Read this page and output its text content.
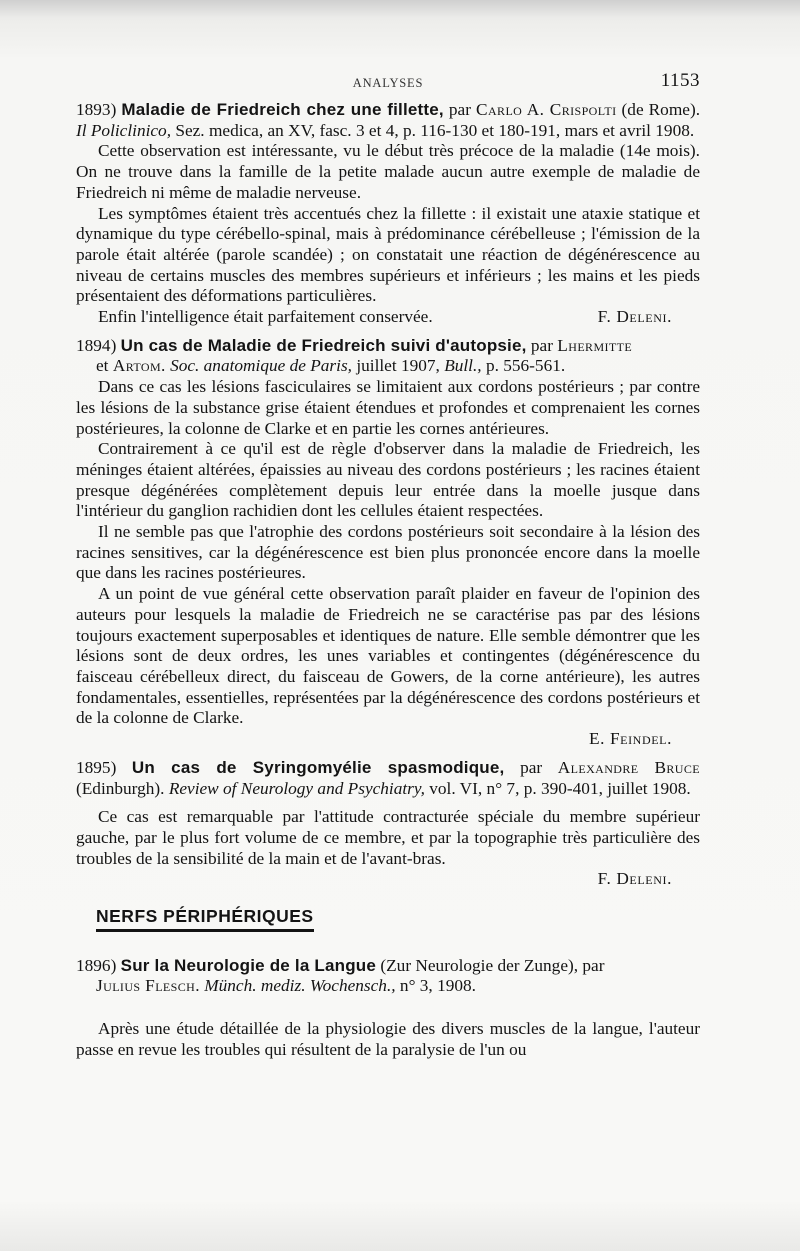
ANALYSES	1153

1893) Maladie de Friedreich chez une fillette, par Carlo A. Crispolti (de Rome). Il Policlinico, Sez. medica, an XV, fasc. 3 et 4, p. 116-130 et 180-191, mars et avril 1908.

Cette observation est intéressante, vu le début très précoce de la maladie (14e mois). On ne trouve dans la famille de la petite malade aucun autre exemple de maladie de Friedreich ni même de maladie nerveuse.

Les symptômes étaient très accentués chez la fillette : il existait une ataxie statique et dynamique du type cérébello-spinal, mais à prédominance cérébelleuse ; l'émission de la parole était altérée (parole scandée) ; on constatait une réaction de dégénérescence au niveau de certains muscles des membres supérieurs et inférieurs ; les mains et les pieds présentaient des déformations particulières.

Enfin l'intelligence était parfaitement conservée.	F. Deleni.

1894) Un cas de Maladie de Friedreich suivi d'autopsie, par Lhermitte

et Artom. Soc. anatomique de Paris, juillet 1907, Bull., p. 556-561.

Dans ce cas les lésions fasciculaires se limitaient aux cordons postérieurs ; par contre les lésions de la substance grise étaient étendues et profondes et comprenaient les cornes postérieures, la colonne de Clarke et en partie les cornes antérieures.

Contrairement à ce qu'il est de règle d'observer dans la maladie de Friedreich, les méninges étaient altérées, épaissies au niveau des cordons postérieurs ; les racines étaient presque dégénérées complètement depuis leur entrée dans la moelle jusque dans l'intérieur du ganglion rachidien dont les cellules étaient respectées.

Il ne semble pas que l'atrophie des cordons postérieurs soit secondaire à la lésion des racines sensitives, car la dégénérescence est bien plus prononcée encore dans la moelle que dans les racines postérieures.

A un point de vue général cette observation paraît plaider en faveur de l'opinion des auteurs pour lesquels la maladie de Friedreich ne se caractérise pas par des lésions toujours exactement superposables et identiques de nature. Elle semble démontrer que les lésions sont de deux ordres, les unes variables et contingentes (dégénérescence du faisceau cérébelleux direct, du faisceau de Gowers, de la corne antérieure), les autres fondamentales, essentielles, représentées par la dégénérescence des cordons postérieurs et de la colonne de Clarke.

E. Feindel.

1895) Un cas de Syringomyélie spasmodique, par Alexandre Bruce (Edinburgh). Review of Neurology and Psychiatry, vol. VI, n° 7, p. 390-401, juillet 1908.

Ce cas est remarquable par l'attitude contracturée spéciale du membre supérieur gauche, par le plus fort volume de ce membre, et par la topographie très particulière des troubles de la sensibilité de la main et de l'avant-bras.

F. Deleni.

NERFS PÉRIPHÉRIQUES

1896) Sur la Neurologie de la Langue (Zur Neurologie der Zunge), par

Julius Flesch. Münch. mediz. Wochensch., n° 3, 1908.

Après une étude détaillée de la physiologie des divers muscles de la langue, l'auteur passe en revue les troubles qui résultent de la paralysie de l'un ou
